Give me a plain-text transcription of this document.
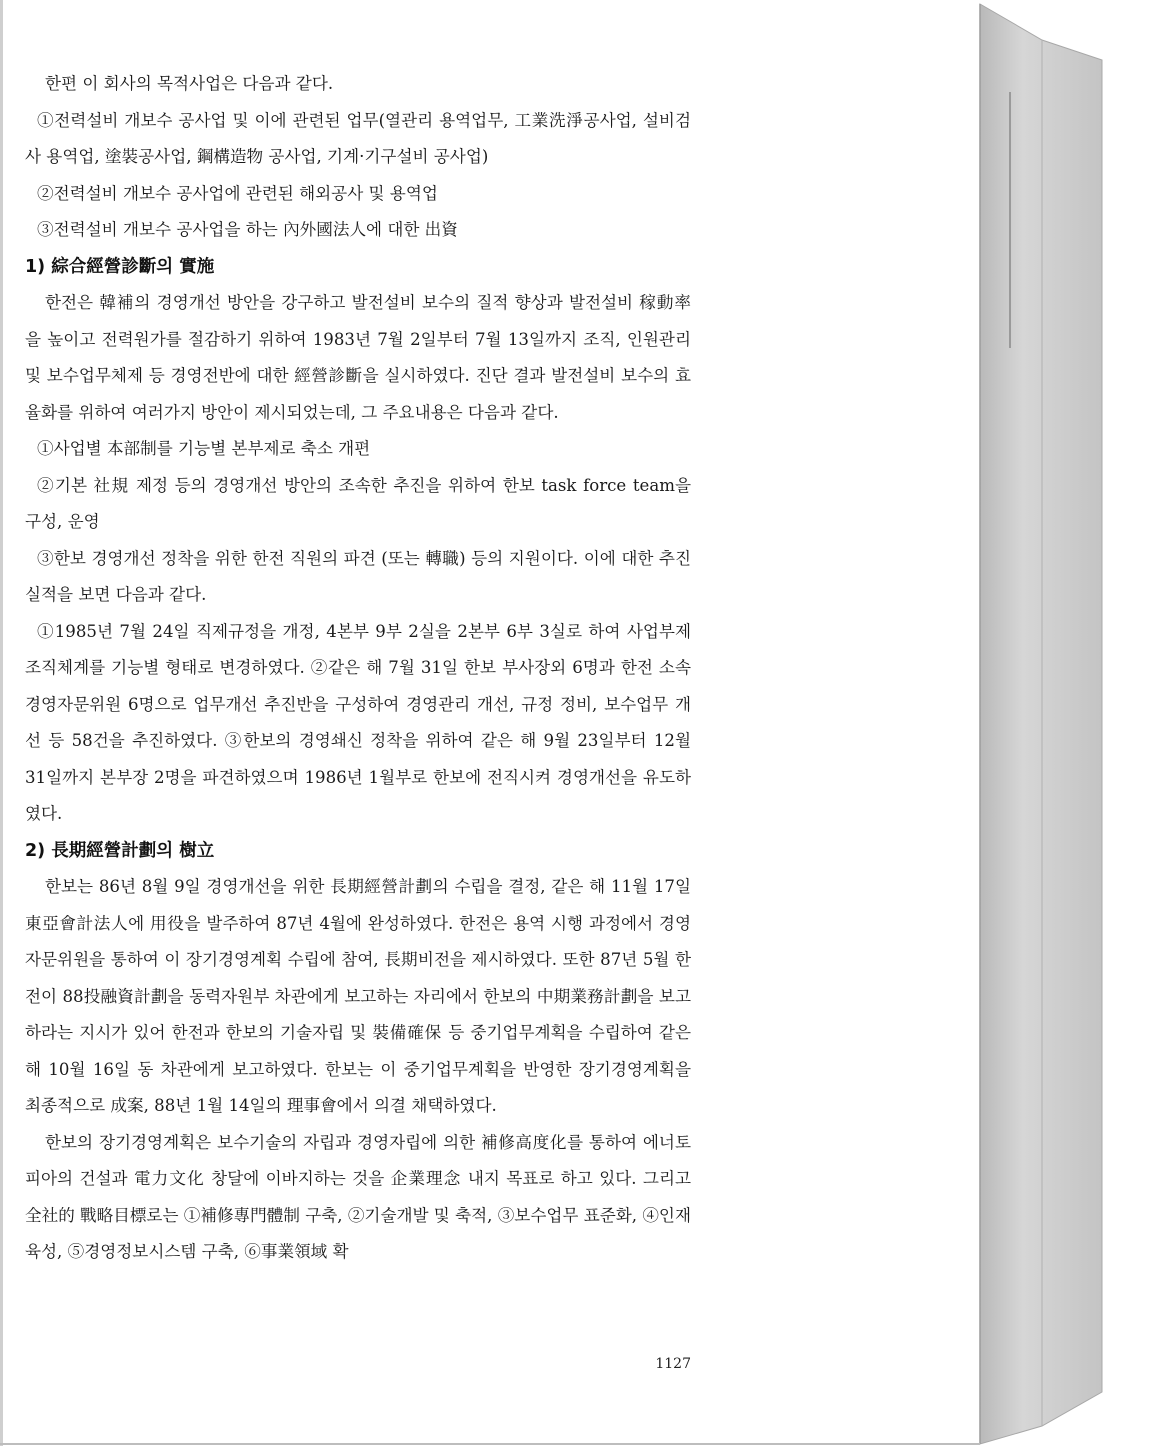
한편 이 회사의 목적사업은 다음과 같다.

①전력설비 개보수 공사업 및 이에 관련된 업무(열관리 용역업무, 工業洗淨공사업, 설비검사 용역업, 塗裝공사업, 鋼構造物 공사업, 기계·기구설비 공사업)

②전력설비 개보수 공사업에 관련된 해외공사 및 용역업

③전력설비 개보수 공사업을 하는 內外國法人에 대한 出資

1) 綜合經營診斷의 實施

한전은 韓補의 경영개선 방안을 강구하고 발전설비 보수의 질적 향상과 발전설비 稼動率을 높이고 전력원가를 절감하기 위하여 1983년 7월 2일부터 7월 13일까지 조직, 인원관리 및 보수업무체제 등 경영전반에 대한 經營診斷을 실시하였다. 진단 결과 발전설비 보수의 효율화를 위하여 여러가지 방안이 제시되었는데, 그 주요내용은 다음과 같다.

①사업별 本部制를 기능별 본부제로 축소 개편

②기본 社規 제정 등의 경영개선 방안의 조속한 추진을 위하여 한보 task force team을 구성, 운영

③한보 경영개선 정착을 위한 한전 직원의 파견 (또는 轉職) 등의 지원이다. 이에 대한 추진실적을 보면 다음과 같다.

①1985년 7월 24일 직제규정을 개정, 4본부 9부 2실을 2본부 6부 3실로 하여 사업부제 조직체계를 기능별 형태로 변경하였다. ②같은 해 7월 31일 한보 부사장외 6명과 한전 소속 경영자문위원 6명으로 업무개선 추진반을 구성하여 경영관리 개선, 규정 정비, 보수업무 개선 등 58건을 추진하였다. ③한보의 경영쇄신 정착을 위하여 같은 해 9월 23일부터 12월 31일까지 본부장 2명을 파견하였으며 1986년 1월부로 한보에 전직시켜 경영개선을 유도하였다.

2) 長期經營計劃의 樹立

한보는 86년 8월 9일 경영개선을 위한 長期經營計劃의 수립을 결정, 같은 해 11월 17일 東亞會計法人에 用役을 발주하여 87년 4월에 완성하였다. 한전은 용역 시행 과정에서 경영자문위원을 통하여 이 장기경영계획 수립에 참여, 長期비전을 제시하였다. 또한 87년 5월 한전이 88投融資計劃을 동력자원부 차관에게 보고하는 자리에서 한보의 中期業務計劃을 보고하라는 지시가 있어 한전과 한보의 기술자립 및 裝備確保 등 중기업무계획을 수립하여 같은 해 10월 16일 동 차관에게 보고하였다. 한보는 이 중기업무계획을 반영한 장기경영계획을 최종적으로 成案, 88년 1월 14일의 理事會에서 의결 채택하였다.

한보의 장기경영계획은 보수기술의 자립과 경영자립에 의한 補修高度化를 통하여 에너토피아의 건설과 電力文化 창달에 이바지하는 것을 企業理念 내지 목표로 하고 있다. 그리고 全社的 戰略目標로는 ①補修專門體制 구축, ②기술개발 및 축적, ③보수업무 표준화, ④인재육성, ⑤경영정보시스템 구축, ⑥事業領域 확

1127
